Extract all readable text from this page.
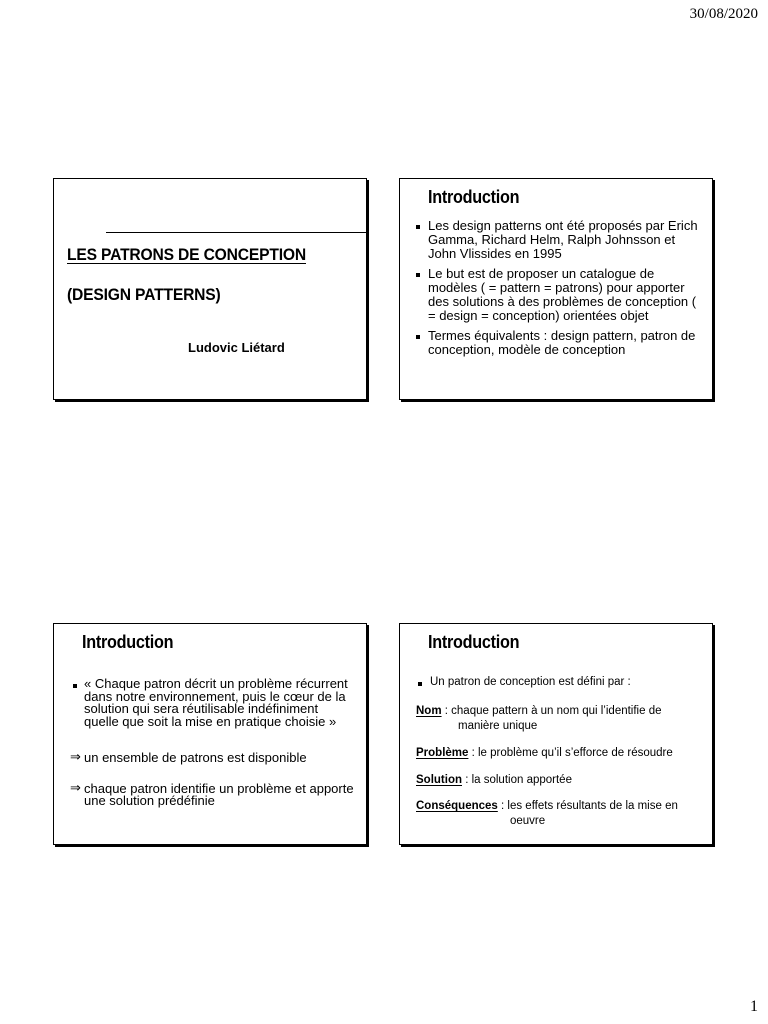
30/08/2020
LES PATRONS DE CONCEPTION
(DESIGN PATTERNS)
Ludovic Liétard
Introduction
Les design patterns ont été proposés par Erich Gamma, Richard Helm, Ralph Johnsson et John Vlissides en 1995
Le but est de proposer un catalogue de modèles ( = pattern = patrons) pour apporter des solutions à des problèmes de conception ( = design = conception) orientées objet
Termes équivalents : design pattern, patron de conception, modèle de conception
Introduction
« Chaque patron décrit un problème récurrent dans notre environnement, puis le cœur de la solution qui sera réutilisable indéfiniment quelle que soit la mise en pratique choisie »
⇒ un ensemble de patrons est disponible
⇒ chaque patron identifie un problème et apporte une solution prédéfinie
Introduction
Un patron de conception est défini par :
Nom : chaque pattern à un nom qui l’identifie de
manière unique
Problème : le problème qu’il s’efforce de résoudre
Solution : la solution apportée
Conséquences : les effets résultants de la mise en
oeuvre
1
